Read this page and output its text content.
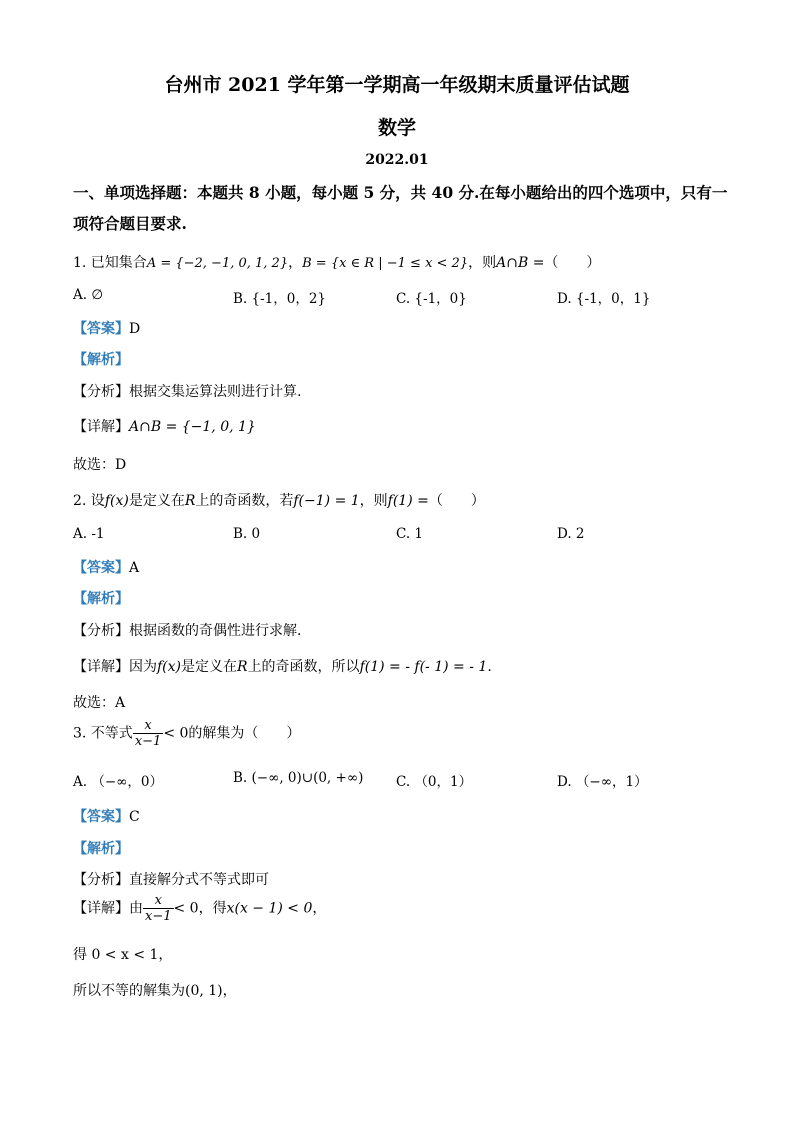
台州市 2021 学年第一学期高一年级期末质量评估试题
数学
2022.01
一、单项选择题：本题共 8 小题，每小题 5 分，共 40 分.在每小题给出的四个选项中，只有一
项符合题目要求.
1. 已知集合A = {−2, −1, 0, 1, 2}，B = {x ∈ R | −1 ≤ x < 2}，则A∩B =（　　）
A. ∅	B. {-1，0，2}	C. {-1，0}	D. {-1，0，1}
【答案】D
【解析】
【分析】根据交集运算法则进行计算.
【详解】A∩B = {−1, 0, 1}
故选：D
2. 设f(x)是定义在R上的奇函数，若f(−1) = 1，则f(1) =（　　）
A. -1	B. 0	C. 1	D. 2
【答案】A
【解析】
【分析】根据函数的奇偶性进行求解.
【详解】因为f(x)是定义在R上的奇函数，所以f(1) = - f(- 1) = - 1.
故选：A
3. 不等式 $\frac{x}{x-1} < 0$的解集为（　　）
A. （−∞，0）	B. (−∞, 0)∪(0, +∞) C. （0，1）	D. （−∞，1）
【答案】C
【解析】
【分析】直接解分式不等式即可
【详解】由 $\frac{x}{x-1} < 0$，得x(x − 1) < 0，
得 0 < x < 1，
所以不等的解集为(0, 1)，
